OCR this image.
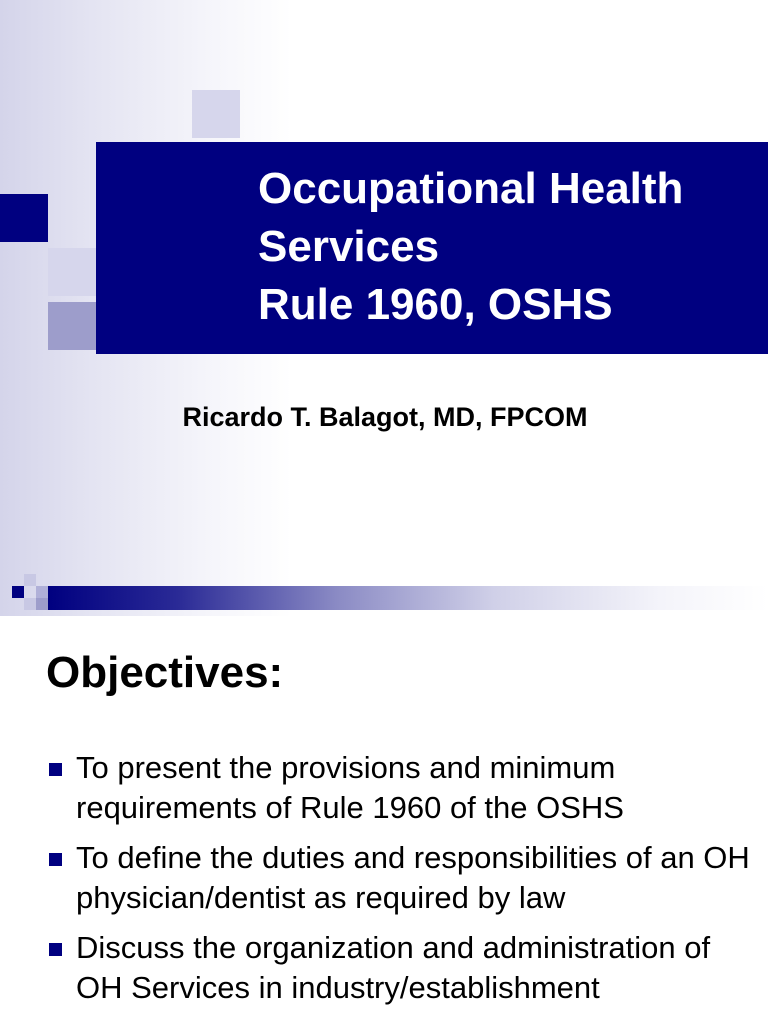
Occupational Health
Services
Rule 1960, OSHS
Ricardo T. Balagot, MD, FPCOM
Objectives:
To present the provisions and minimum requirements of Rule 1960 of the OSHS
To define the duties and responsibilities of an OH physician/dentist as required by law
Discuss the organization and administration of OH Services in industry/establishment
